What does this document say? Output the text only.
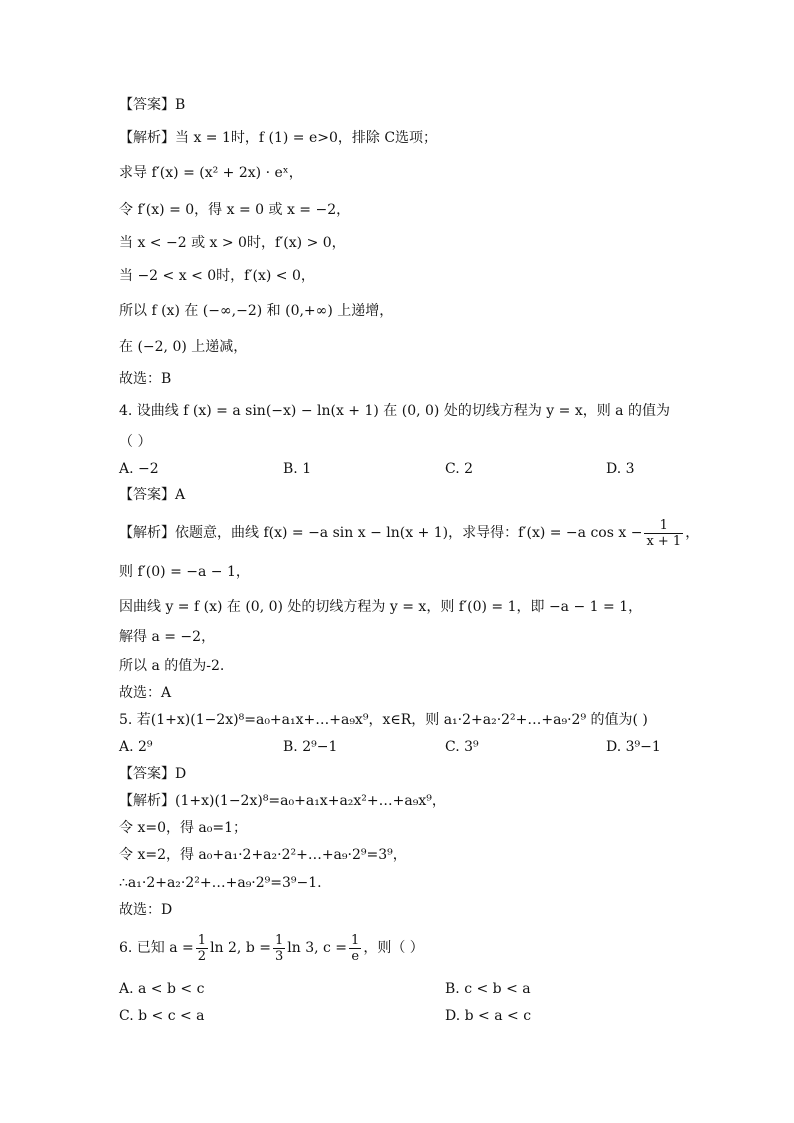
【答案】B
【解析】当 x = 1时，f (1) = e>0，排除 C选项；
求导 f′(x) = (x² + 2x) · eˣ，
令 f′(x) = 0，得 x = 0 或 x = −2，
当 x < −2 或 x > 0时，f′(x) > 0，
当 −2 < x < 0时，f′(x) < 0，
所以 f (x) 在 (−∞,−2) 和 (0,+∞) 上递增，
在 (−2, 0) 上递减，
故选：B
4. 设曲线 f (x) = a sin(−x) − ln(x + 1) 在 (0, 0) 处的切线方程为 y = x，则 a 的值为
（ ）
A. −2	B. 1	C. 2	D. 3
【答案】A
【解析】依题意，曲线 f(x) = −a sin x − ln(x + 1)，求导得：f′(x) = −a $\cos x - \frac{1}{x + 1}$ ，
则 f′(0) = −a − 1，
因曲线 y = f (x) 在 (0, 0) 处的切线方程为 y = x，则 f′(0) = 1，即 −a − 1 = 1，
解得 a = −2，
所以 a 的值为-2.
故选：A
5. 若(1+x)(1−2x)⁸=a₀+a₁x+…+a₉x⁹，x∈R，则 a₁·2+a₂·2²+…+a₉·2⁹ 的值为( )
A. 2⁹	B. 2⁹−1	C. 3⁹	D. 3⁹−1
【答案】D
【解析】(1+x)(1−2x)⁸=a₀+a₁x+a₂x²+…+a₉x⁹，
令 x=0，得 a₀=1；
令 x=2，得 a₀+a₁·2+a₂·2²+…+a₉·2⁹=3⁹，
∴a₁·2+a₂·2²+…+a₉·2⁹=3⁹−1.
故选：D
6. 已知 $a = \frac{1}{2}$ ln 2, $b = \frac{1}{3}$ ln 3, $c = \frac{1}{e}$ ，则（ ）
A. a < b < c	B. c < b < a
C. b < c < a	D. b < a < c
